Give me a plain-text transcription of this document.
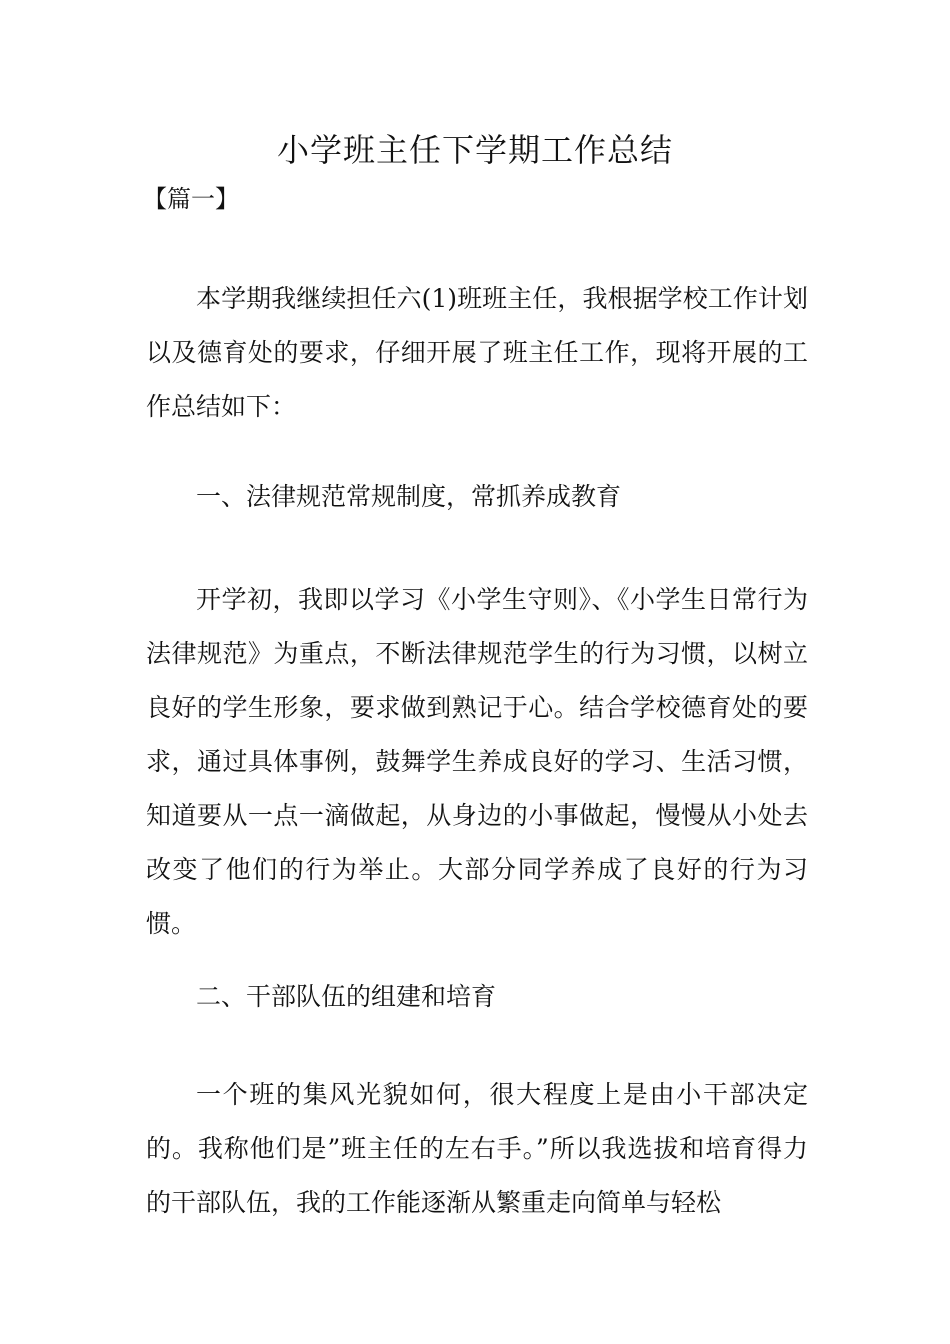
小学班主任下学期工作总结
【篇一】

本学期我继续担任六(1)班班主任，我根据学校工作计划以及德育处的要求，仔细开展了班主任工作，现将开展的工作总结如下：

一、法律规范常规制度，常抓养成教育

开学初，我即以学习《小学生守则》、《小学生日常行为法律规范》为重点，不断法律规范学生的行为习惯，以树立良好的学生形象，要求做到熟记于心。结合学校德育处的要求，通过具体事例，鼓舞学生养成良好的学习、生活习惯，知道要从一点一滴做起，从身边的小事做起，慢慢从小处去改变了他们的行为举止。大部分同学养成了良好的行为习惯。

二、干部队伍的组建和培育

一个班的集风光貌如何，很大程度上是由小干部决定的。我称他们是”班主任的左右手。”所以我选拔和培育得力的干部队伍，我的工作能逐渐从繁重走向简单与轻松
